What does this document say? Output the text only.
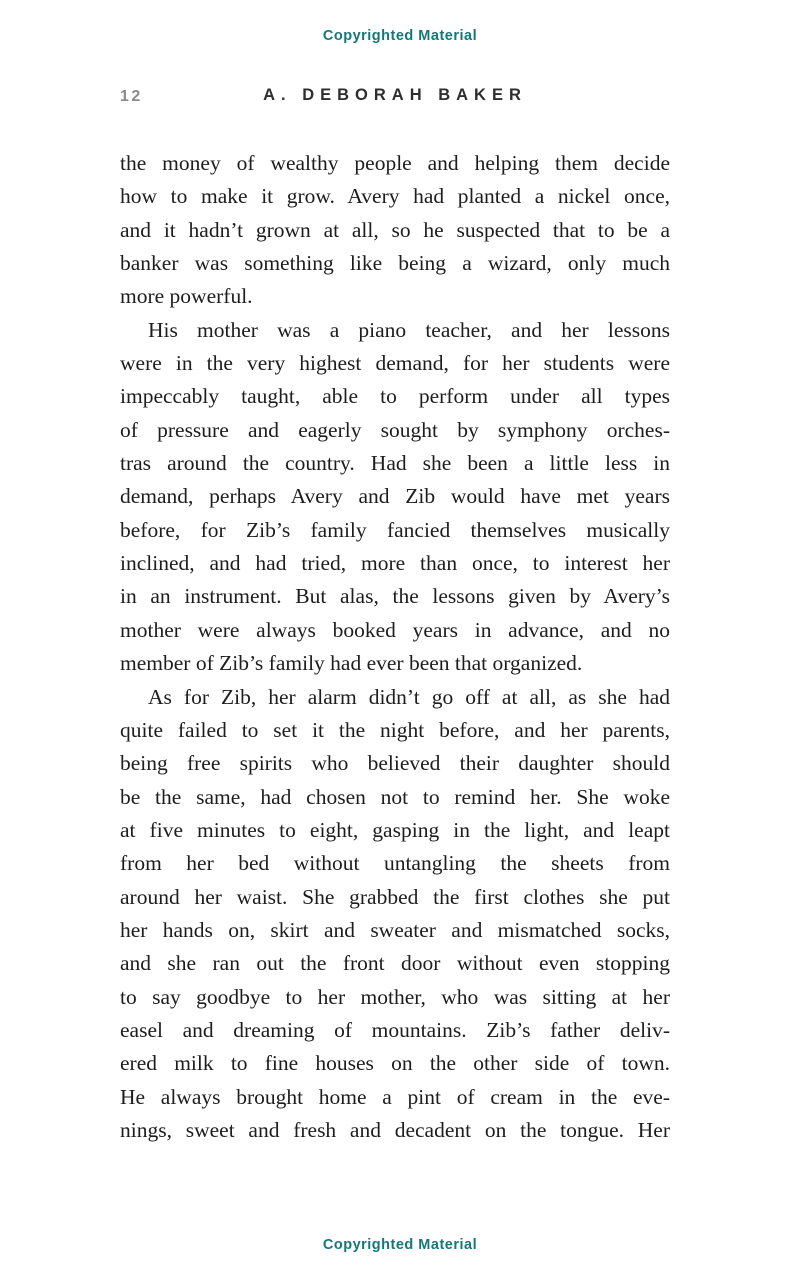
Copyrighted Material
12	A. DEBORAH BAKER
the money of wealthy people and helping them decide
how to make it grow. Avery had planted a nickel once,
and it hadn’t grown at all, so he suspected that to be a
banker was something like being a wizard, only much
more powerful.
His mother was a piano teacher, and her lessons
were in the very highest demand, for her students were
impeccably taught, able to perform under all types
of pressure and eagerly sought by symphony orches-
tras around the country. Had she been a little less in
demand, perhaps Avery and Zib would have met years
before, for Zib’s family fancied themselves musically
inclined, and had tried, more than once, to interest her
in an instrument. But alas, the lessons given by Avery’s
mother were always booked years in advance, and no
member of Zib’s family had ever been that organized.
As for Zib, her alarm didn’t go off at all, as she had
quite failed to set it the night before, and her parents,
being free spirits who believed their daughter should
be the same, had chosen not to remind her. She woke
at five minutes to eight, gasping in the light, and leapt
from her bed without untangling the sheets from
around her waist. She grabbed the first clothes she put
her hands on, skirt and sweater and mismatched socks,
and she ran out the front door without even stopping
to say goodbye to her mother, who was sitting at her
easel and dreaming of mountains. Zib’s father deliv-
ered milk to fine houses on the other side of town.
He always brought home a pint of cream in the eve-
nings, sweet and fresh and decadent on the tongue. Her
Copyrighted Material
